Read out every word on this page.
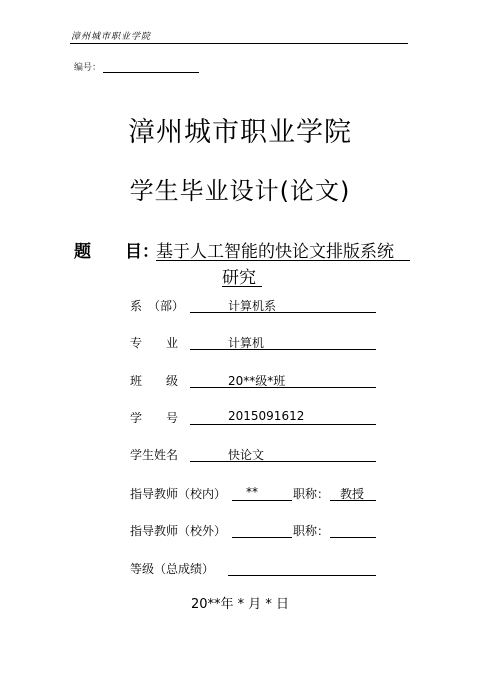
漳州城市职业学院
编号：
漳州城市职业学院
学生毕业设计(论文)
题　　目：
基于人工智能的快论文排版系统
研究
系　（部）	计算机系
专　　业	计算机
班　　级	20**级*班
学　　号	2015091612
学生姓名	快论文
指导教师（校内） **	职称： 教授
指导教师（校外）	职称：
等级（总成绩）
20**年 * 月 * 日
